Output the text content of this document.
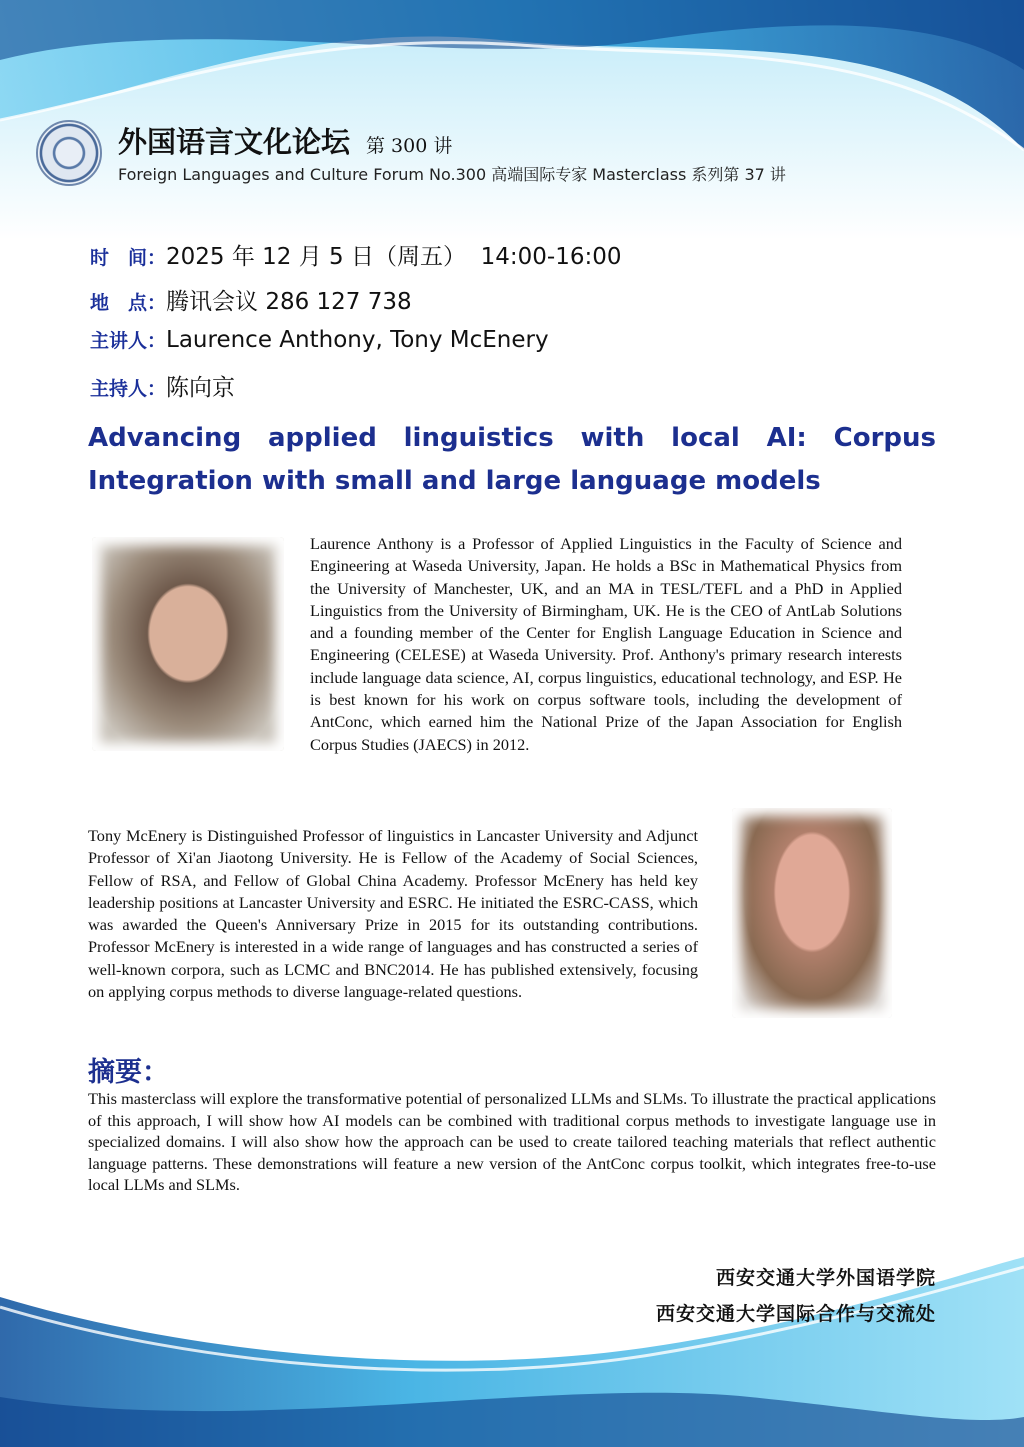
外国语言文化论坛 第 300 讲
Foreign Languages and Culture Forum No.300 高端国际专家 Masterclass 系列第 37 讲
时　间：2025 年 12 月 5 日（周五）  14:00-16:00
地　点：腾讯会议 286 127 738
主讲人：Laurence Anthony, Tony McEnery
主持人：陈向京
Advancing applied linguistics with local AI: Corpus Integration with small and large language models
Laurence Anthony is a Professor of Applied Linguistics in the Faculty of Science and Engineering at Waseda University, Japan. He holds a BSc in Mathematical Physics from the University of Manchester, UK, and an MA in TESL/TEFL and a PhD in Applied Linguistics from the University of Birmingham, UK. He is the CEO of AntLab Solutions and a founding member of the Center for English Language Education in Science and Engineering (CELESE) at Waseda University. Prof. Anthony's primary research interests include language data science, AI, corpus linguistics, educational technology, and ESP. He is best known for his work on corpus software tools, including the development of AntConc, which earned him the National Prize of the Japan Association for English Corpus Studies (JAECS) in 2012.
Tony McEnery is Distinguished Professor of linguistics in Lancaster University and Adjunct Professor of Xi'an Jiaotong University. He is Fellow of the Academy of Social Sciences, Fellow of RSA, and Fellow of Global China Academy. Professor McEnery has held key leadership positions at Lancaster University and ESRC. He initiated the ESRC-CASS, which was awarded the Queen's Anniversary Prize in 2015 for its outstanding contributions. Professor McEnery is interested in a wide range of languages and has constructed a series of well-known corpora, such as LCMC and BNC2014. He has published extensively, focusing on applying corpus methods to diverse language-related questions.
摘要：
This masterclass will explore the transformative potential of personalized LLMs and SLMs. To illustrate the practical applications of this approach, I will show how AI models can be combined with traditional corpus methods to investigate language use in specialized domains. I will also show how the approach can be used to create tailored teaching materials that reflect authentic language patterns. These demonstrations will feature a new version of the AntConc corpus toolkit, which integrates free-to-use local LLMs and SLMs.
西安交通大学外国语学院
西安交通大学国际合作与交流处
